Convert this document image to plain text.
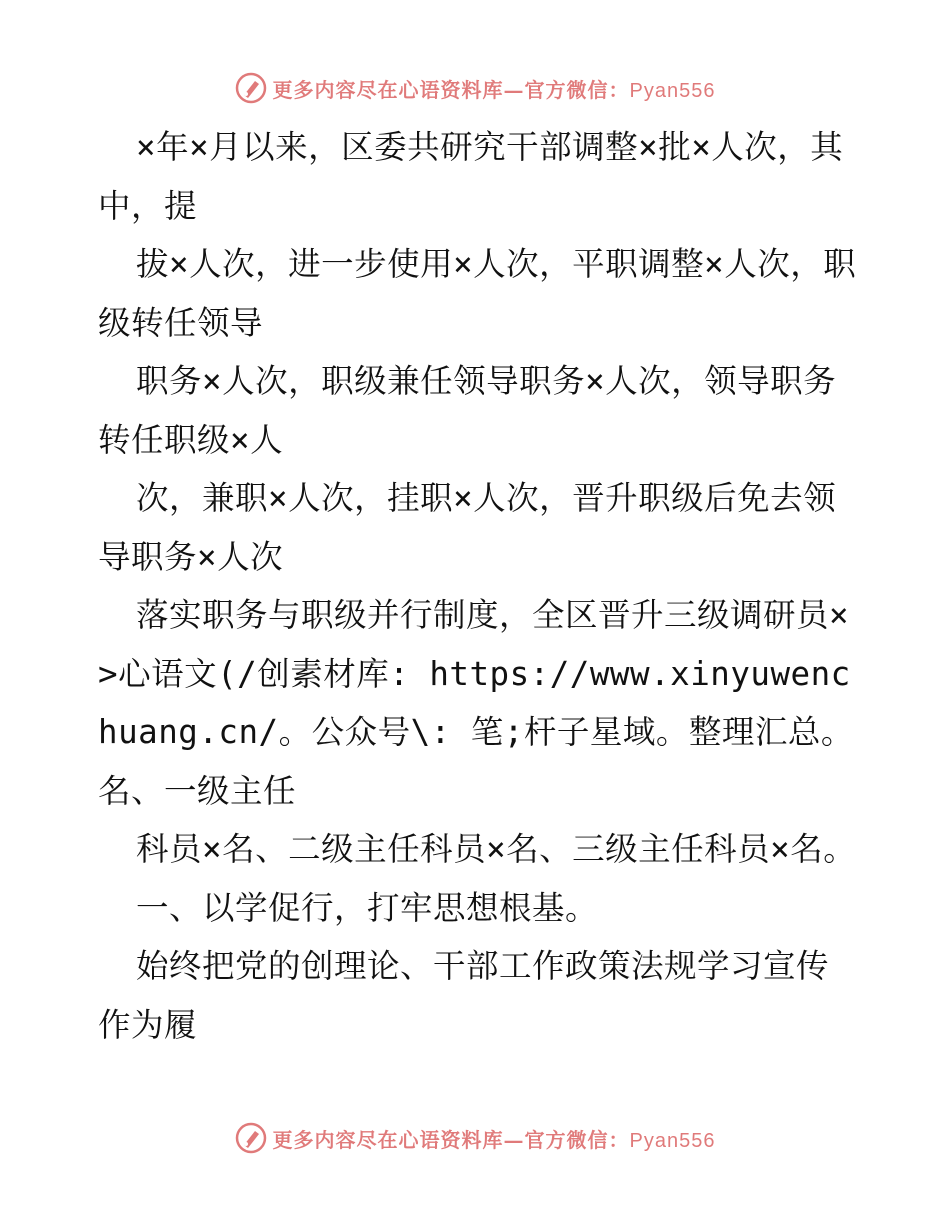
更多内容尽在心语资料库—官方微信：Pyan556

×年×月以来，区委共研究干部调整×批×人次，其中，提

拔×人次，进一步使用×人次，平职调整×人次，职级转任领导

职务×人次，职级兼任领导职务×人次，领导职务转任职级×人

次，兼职×人次，挂职×人次，晋升职级后免去领导职务×人次

落实职务与职级并行制度，全区晋升三级调研员×>心语文(/创素材库: https://www.xinyuwenchuang.cn/。公众号\: 笔;杆子星域。整理汇总。名、一级主任

科员×名、二级主任科员×名、三级主任科员×名。

一、以学促行，打牢思想根基。

始终把党的创理论、干部工作政策法规学习宣传作为履

更多内容尽在心语资料库—官方微信：Pyan556
